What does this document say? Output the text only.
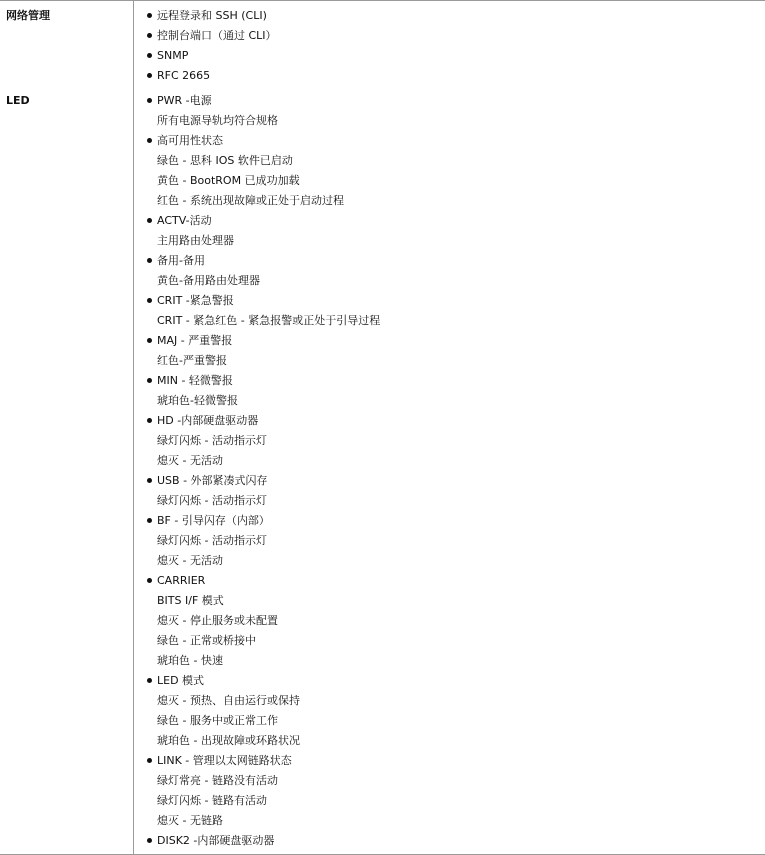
网络管理	远程登录和 SSH (CLI)
控制台端口（通过 CLI）
SNMP
RFC 2665
LED	PWR -电源
所有电源导轨均符合规格
高可用性状态
绿色 - 思科 IOS 软件已启动
黄色 - BootROM 已成功加载
红色 - 系统出现故障或正处于启动过程
ACTV-活动
主用路由处理器
备用-备用
黄色-备用路由处理器
CRIT -紧急警报
CRIT - 紧急红色 - 紧急报警或正处于引导过程
MAJ - 严重警报
红色-严重警报
MIN - 轻微警报
琥珀色-轻微警报
HD -内部硬盘驱动器
绿灯闪烁 - 活动指示灯
熄灭 - 无活动
USB - 外部紧凑式闪存
绿灯闪烁 - 活动指示灯
BF - 引导闪存（内部）
绿灯闪烁 - 活动指示灯
熄灭 - 无活动
CARRIER
BITS I/F 模式
熄灭 - 停止服务或未配置
绿色 - 正常或桥接中
琥珀色 - 快速
LED 模式
熄灭 - 预热、自由运行或保持
绿色 - 服务中或正常工作
琥珀色 - 出现故障或环路状况
LINK - 管理以太网链路状态
绿灯常亮 - 链路没有活动
绿灯闪烁 - 链路有活动
熄灭 - 无链路
DISK2 -内部硬盘驱动器
